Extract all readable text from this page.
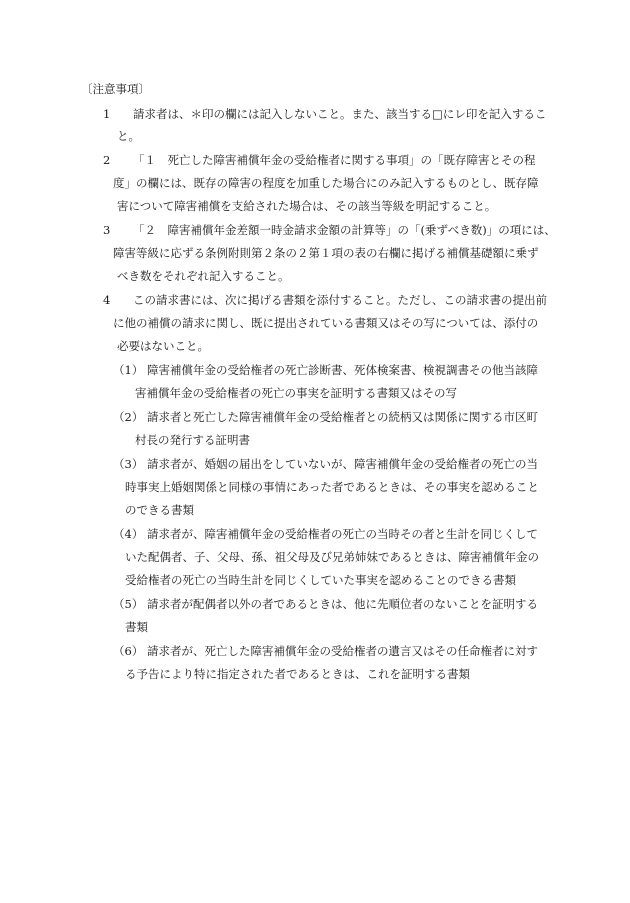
〔注意事項〕
1 請求者は、＊印の欄には記入しないこと。また、該当する□にレ印を記入するこ
と。
2 「１　死亡した障害補償年金の受給権者に関する事項」の「既存障害とその程
度」の欄には、既存の障害の程度を加重した場合にのみ記入するものとし、既存障
害について障害補償を支給された場合は、その該当等級を明記すること。
3 「２　障害補償年金差額一時金請求金額の計算等」の「(乗ずべき数)」の項には、
障害等級に応ずる条例附則第２条の２第１項の表の右欄に掲げる補償基礎額に乗ず
べき数をそれぞれ記入すること。
4 この請求書には、次に掲げる書類を添付すること。ただし、この請求書の提出前
に他の補償の請求に関し、既に提出されている書類又はその写については、添付の
必要はないこと。
（1） 障害補償年金の受給権者の死亡診断書、死体検案書、検視調書その他当該障
害補償年金の受給権者の死亡の事実を証明する書類又はその写
（2） 請求者と死亡した障害補償年金の受給権者との続柄又は関係に関する市区町
村長の発行する証明書
（3） 請求者が、婚姻の届出をしていないが、障害補償年金の受給権者の死亡の当
時事実上婚姻関係と同様の事情にあった者であるときは、その事実を認めること
のできる書類
（4） 請求者が、障害補償年金の受給権者の死亡の当時その者と生計を同じくして
いた配偶者、子、父母、孫、祖父母及び兄弟姉妹であるときは、障害補償年金の
受給権者の死亡の当時生計を同じくしていた事実を認めることのできる書類
（5） 請求者が配偶者以外の者であるときは、他に先順位者のないことを証明する
書類
（6） 請求者が、死亡した障害補償年金の受給権者の遺言又はその任命権者に対す
る予告により特に指定された者であるときは、これを証明する書類
